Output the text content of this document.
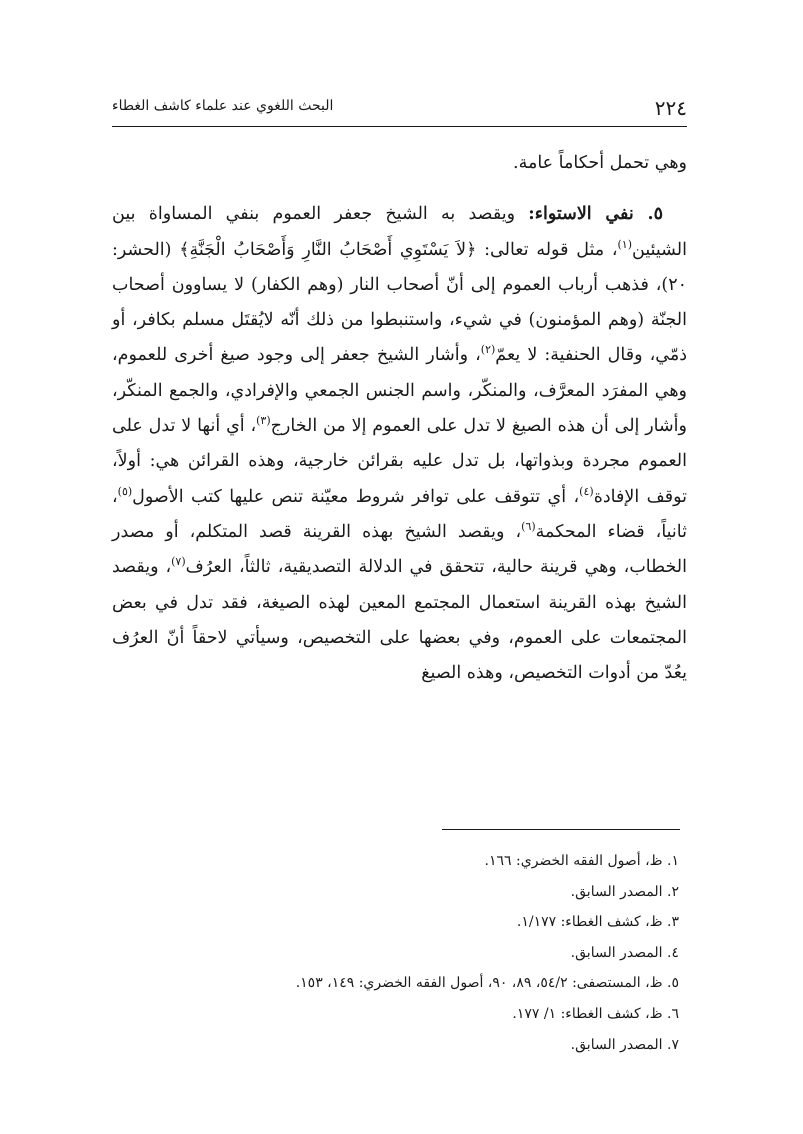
٢٢٤
البحث اللغوي عند علماء كاشف الغطاء

وهي تحمل أحكاماً عامة.

٥. نفي الاستواء: ويقصد به الشيخ جعفر العموم بنفي المساواة بين الشيئين$^{(١)}$، مثل قوله تعالى: ﴿لاَ يَسْتَوِي أَصْحَابُ النَّارِ وَأَصْحَابُ الْجَنَّةِ﴾ (الحشر: ٢٠)، فذهب أرباب العموم إلى أنّ أصحاب النار (وهم الكفار) لا يساوون أصحاب الجنّة (وهم المؤمنون) في شيء، واستنبطوا من ذلك أنّه لايُقتَل مسلم بكافر، أو ذمّي، وقال الحنفية: لا يعمّ$^{(٢)}$، وأشار الشيخ جعفر إلى وجود صيغ أخرى للعموم، وهي المفرَد المعرَّف، والمنكّر، واسم الجنس الجمعي والإفرادي، والجمع المنكّر، وأشار إلى أن هذه الصيغ لا تدل على العموم إلا من الخارج$^{(٣)}$، أي أنها لا تدل على العموم مجردة وبذواتها، بل تدل عليه بقرائن خارجية، وهذه القرائن هي: أولاً، توقف الإفادة$^{(٤)}$، أي تتوقف على توافر شروط معيّنة تنص عليها كتب الأصول$^{(٥)}$، ثانياً، قضاء المحكمة$^{(٦)}$، ويقصد الشيخ بهذه القرينة قصد المتكلم، أو مصدر الخطاب، وهي قرينة حالية، تتحقق في الدلالة التصديقية، ثالثاً، العرُف$^{(٧)}$، ويقصد الشيخ بهذه القرينة استعمال المجتمع المعين لهذه الصيغة، فقد تدل في بعض المجتمعات على العموم، وفي بعضها على التخصيص، وسيأتي لاحقاً أنّ العرُف يعُدّ من أدوات التخصيص، وهذه الصيغ

١. ظ، أصول الفقه الخضري: ١٦٦.
٢. المصدر السابق.
٣. ظ، كشف الغطاء: ١/١٧٧.
٤. المصدر السابق.
٥. ظ، المستصفى: ٥٤/٢، ٨٩، ٩٠، أصول الفقه الخضري: ١٤٩، ١٥٣.
٦. ظ، كشف الغطاء: ١/ ١٧٧.
٧. المصدر السابق.
